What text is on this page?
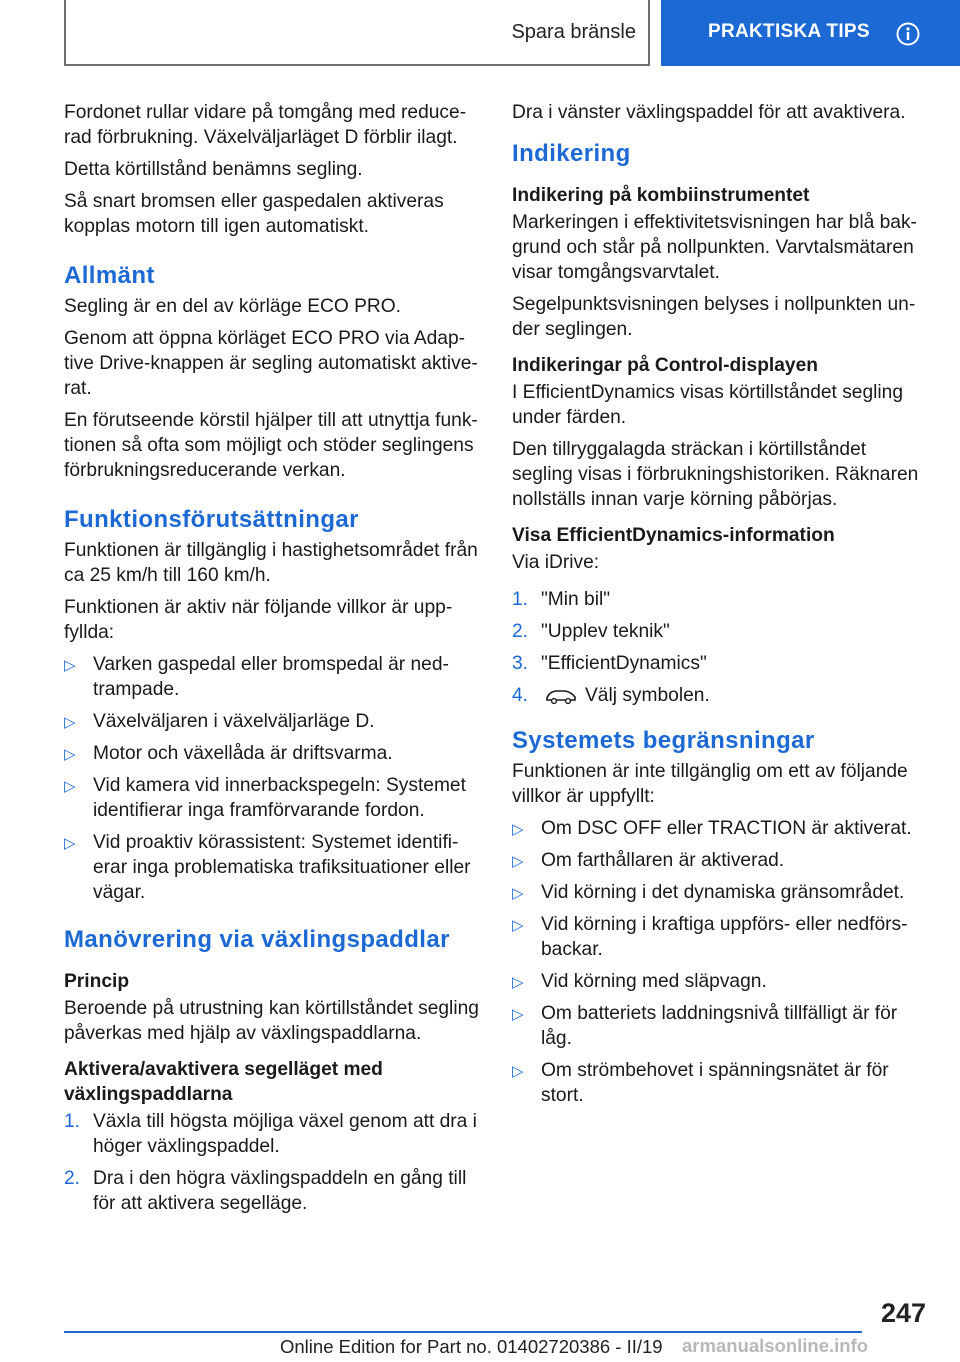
Spara bränsle	PRAKTISKA TIPS

Fordonet rullar vidare på tomgång med reducerad förbrukning. Växelväljarläget D förblir ilagt.

Detta körtillstånd benämns segling.

Så snart bromsen eller gaspedalen aktiveras kopplas motorn till igen automatiskt.

Allmänt

Segling är en del av körläge ECO PRO.

Genom att öppna körläget ECO PRO via Adaptive Drive-knappen är segling automatiskt aktiverat.

En förutseende körstil hjälper till att utnyttja funktionen så ofta som möjligt och stöder seglingens förbrukningsreducerande verkan.

Funktionsförutsättningar

Funktionen är tillgänglig i hastighetsområdet från ca 25 km/h till 160 km/h.

Funktionen är aktiv när följande villkor är uppfyllda:

▷ Varken gaspedal eller bromspedal är nedtrampade.
▷ Växelväljaren i växelväljarläge D.
▷ Motor och växellåda är driftsvarma.
▷ Vid kamera vid innerbackspegeln: Systemet identifierar inga framförvarande fordon.
▷ Vid proaktiv körassistent: Systemet identifierar inga problematiska trafiksituationer eller vägar.
Manövrering via växlingspaddlar
Princip

Beroende på utrustning kan körtillståndet segling påverkas med hjälp av växlingspaddlarna.

Aktivera/avaktivera segelläget med växlingspaddlarna
1. Växla till högsta möjliga växel genom att dra i höger växlingspaddel.
2. Dra i den högra växlingspaddeln en gång till för att aktivera segelläge.

Dra i vänster växlingspaddel för att avaktivera.

Indikering
Indikering på kombiinstrumentet

Markeringen i effektivitetsvisningen har blå bakgrund och står på nollpunkten. Varvtalsmätaren visar tomgångsvarvtalet.

Segelpunktsvisningen belyses i nollpunkten under seglingen.

Indikeringar på Control-displayen

I EfficientDynamics visas körtillståndet segling under färden.

Den tillryggalagda sträckan i körtillståndet segling visas i förbrukningshistoriken. Räknaren nollställs innan varje körning påbörjas.

Visa EfficientDynamics-information

Via iDrive:

1. "Min bil"
2. "Upplev teknik"
3. "EfficientDynamics"
4.	Välj symbolen.
Systemets begränsningar

Funktionen är inte tillgänglig om ett av följande villkor är uppfyllt:

▷ Om DSC OFF eller TRACTION är aktiverat.
▷ Om farthållaren är aktiverad.
▷ Vid körning i det dynamiska gränsområdet.
▷ Vid körning i kraftiga uppförs- eller nedförsbackar.
▷ Vid körning med släpvagn.
▷ Om batteriets laddningsnivå tillfälligt är för låg.
▷ Om strömbehovet i spänningsnätet är för stort.
247
Online Edition for Part no. 01402720386 - II/19 armanualsonline.info
